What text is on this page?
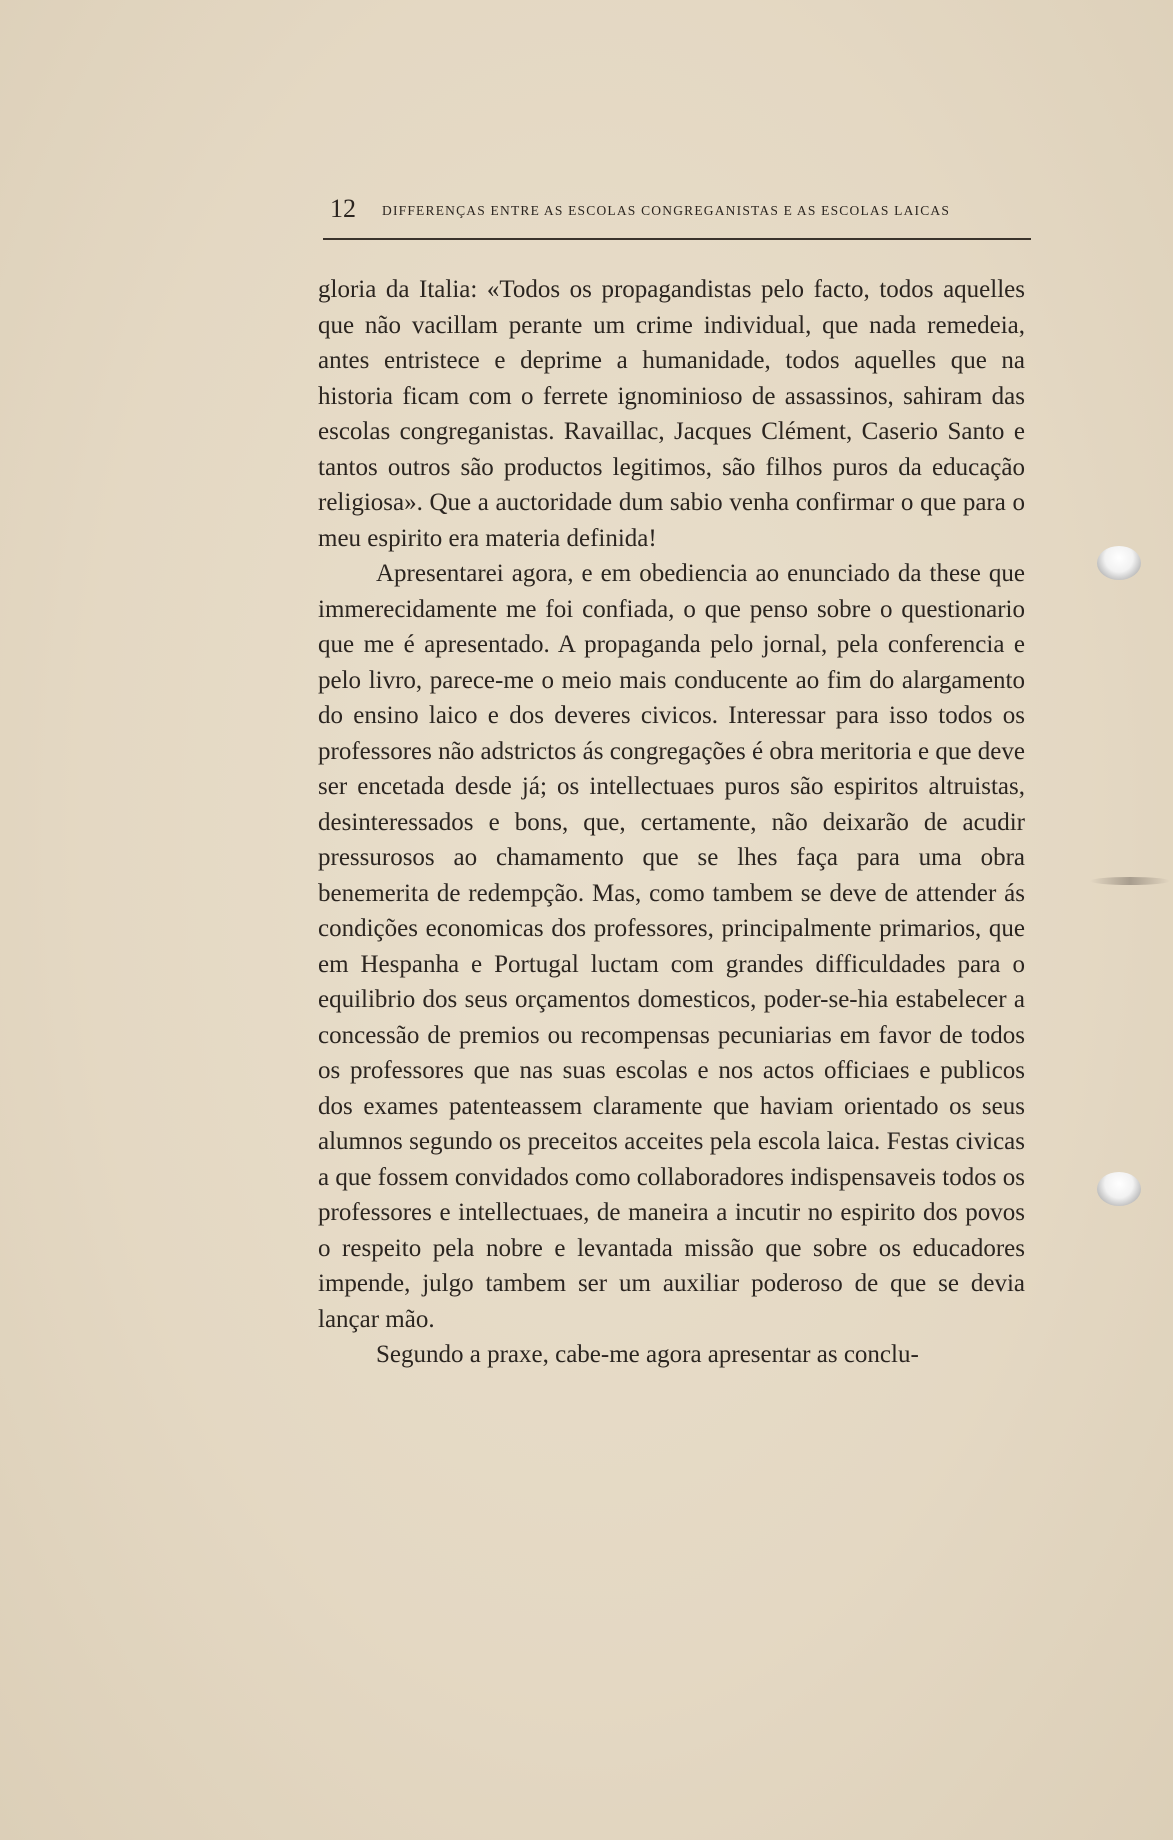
12 DIFFERENÇAS ENTRE AS ESCOLAS CONGREGANISTAS E AS ESCOLAS LAICAS

gloria da Italia: «Todos os propagandistas pelo facto, todos aquelles que não vacillam perante um crime individual, que nada remedeia, antes entristece e deprime a humanidade, todos aquelles que na historia ficam com o ferrete ignominioso de assassinos, sahiram das escolas congreganistas. Ravaillac, Jacques Clément, Caserio Santo e tantos outros são productos legitimos, são filhos puros da educação religiosa». Que a auctoridade dum sabio venha confirmar o que para o meu espirito era materia definida!

Apresentarei agora, e em obediencia ao enunciado da these que immerecidamente me foi confiada, o que penso sobre o questionario que me é apresentado. A propaganda pelo jornal, pela conferencia e pelo livro, parece-me o meio mais conducente ao fim do alargamento do ensino laico e dos deveres civicos. Interessar para isso todos os professores não adstrictos ás congregações é obra meritoria e que deve ser encetada desde já; os intellectuaes puros são espiritos altruistas, desinteressados e bons, que, certamente, não deixarão de acudir pressurosos ao chamamento que se lhes faça para uma obra benemerita de redempção. Mas, como tambem se deve de attender ás condições economicas dos professores, principalmente primarios, que em Hespanha e Portugal luctam com grandes difficuldades para o equilibrio dos seus orçamentos domesticos, poder-se-hia estabelecer a concessão de premios ou recompensas pecuniarias em favor de todos os professores que nas suas escolas e nos actos officiaes e publicos dos exames patenteassem claramente que haviam orientado os seus alumnos segundo os preceitos acceites pela escola laica. Festas civicas a que fossem convidados como collaboradores indispensaveis todos os professores e intellectuaes, de maneira a incutir no espirito dos povos o respeito pela nobre e levantada missão que sobre os educadores impende, julgo tambem ser um auxiliar poderoso de que se devia lançar mão.

Segundo a praxe, cabe-me agora apresentar as conclu-
